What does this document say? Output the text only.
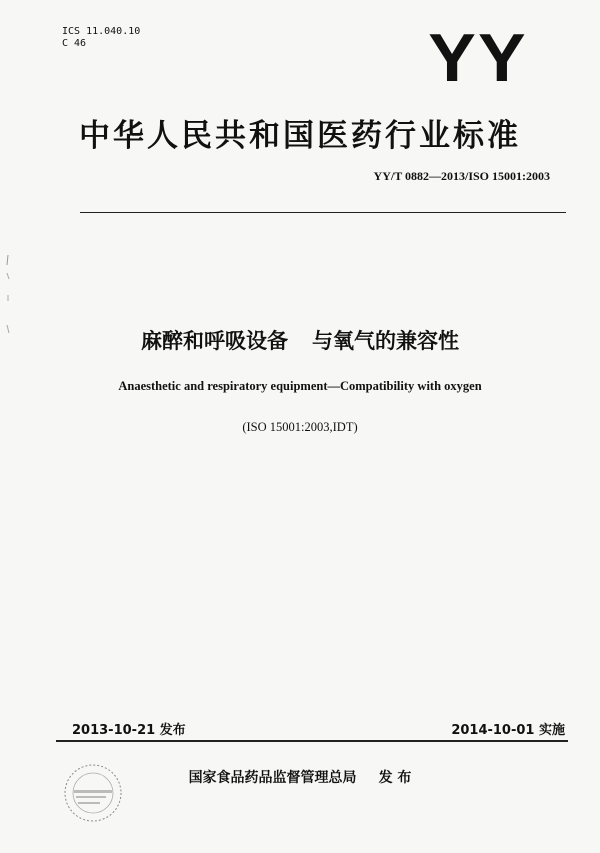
ICS 11.040.10
C 46	YY
中华人民共和国医药行业标准
YY/T 0882—2013/ISO 15001:2003
麻醉和呼吸设备 与氧气的兼容性
Anaesthetic and respiratory equipment—Compatibility with oxygen
(ISO 15001:2003,IDT)
2013-10-21 发布	2014-10-01 实施
国家食品药品监督管理总局 发 布
